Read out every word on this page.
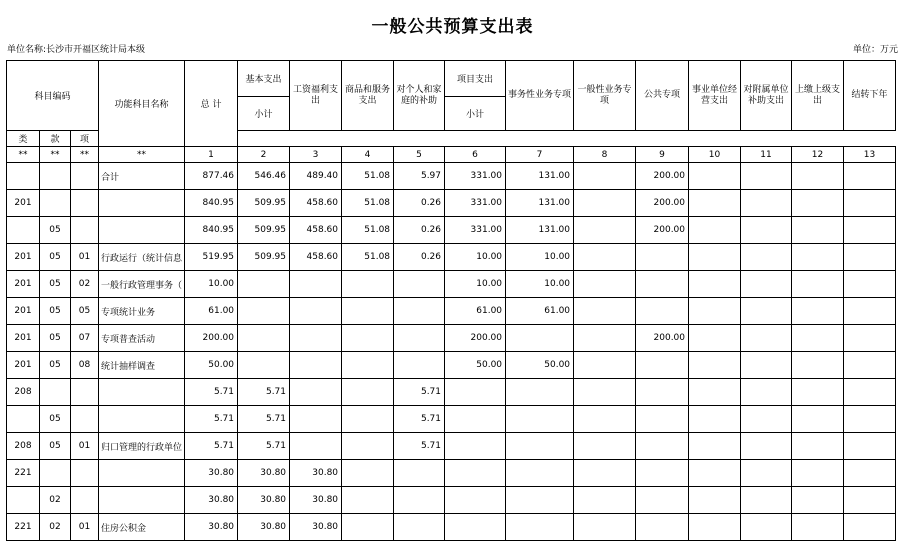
一般公共预算支出表
单位名称:长沙市开福区统计局本级	单位：万元
科目编码			功能科目名称	总 计	基本支出	工资福利支出	商品和服务支出	对个人和家庭的补助	项目支出	事务性业务专项	一般性业务专项	公共专项	事业单位经营支出	对附属单位补助支出	上缴上级支出	结转下年
					小计				小计							
类	款	项														
**	**	**	**	1	2	3	4	5	6	7	8	9	10	11	12	13
			合计	877.46	546.46	489.40	51.08	5.97	331.00	131.00		200.00				
201				840.95	509.95	458.60	51.08	0.26	331.00	131.00		200.00				
	05			840.95	509.95	458.60	51.08	0.26	331.00	131.00		200.00				
201	05	01	行政运行（统计信息	519.95	509.95	458.60	51.08	0.26	10.00	10.00						
201	05	02	一般行政管理事务（	10.00					10.00	10.00						
201	05	05	专项统计业务	61.00					61.00	61.00						
201	05	07	专项普查活动	200.00					200.00			200.00				
201	05	08	统计抽样调查	50.00					50.00	50.00						
208				5.71	5.71			5.71								
	05			5.71	5.71			5.71								
208	05	01	归口管理的行政单位	5.71	5.71			5.71								
221				30.80	30.80	30.80										
	02			30.80	30.80	30.80										
221	02	01	住房公积金	30.80	30.80	30.80										
